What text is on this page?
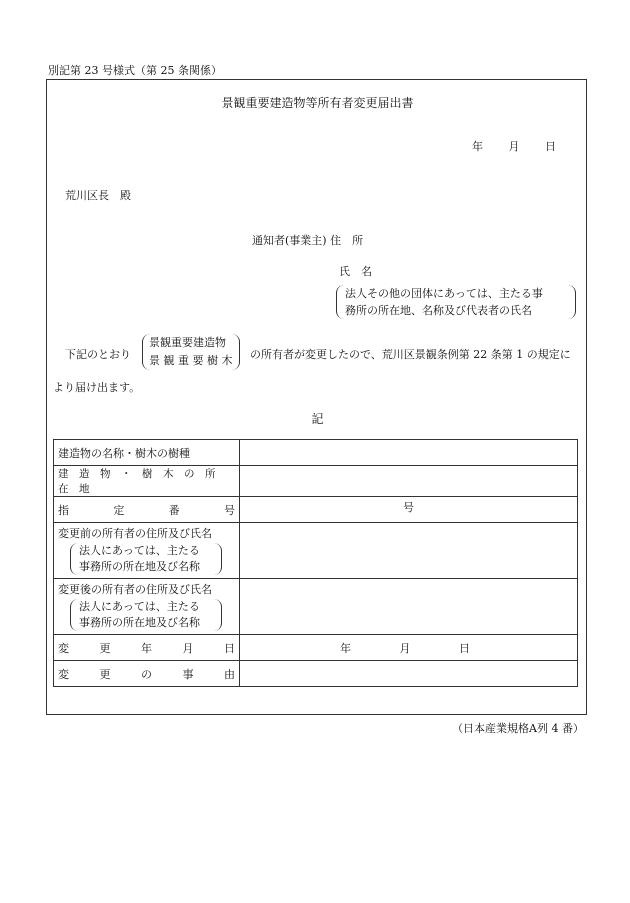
別記第 23 号様式（第 25 条関係）
景観重要建造物等所有者変更届出書
年 月 日
荒川区長　殿
通知者(事業主) 住　所
氏　名
法人その他の団体にあっては、主たる事
務所の所在地、名称及び代表者の氏名
下記のとおり
景観重要建造物
景 観 重 要 樹 木 の所有者が変更したので、荒川区景観条例第 22 条第 1 の規定に
より届け出ます。
記
建造物の名称・樹木の樹種	
建　造　物　・　樹　木　の　所　在　地	

指 定 番 号	号

変更前の所有者の住所及び氏名
法人にあっては、主たる
事務所の所在地及び名称	

変更後の所有者の住所及び氏名
法人にあっては、主たる
事務所の所在地及び名称	

変 更 年 月 日	年 月 日

変 更 の 事 由	

（日本産業規格A列 4 番）
